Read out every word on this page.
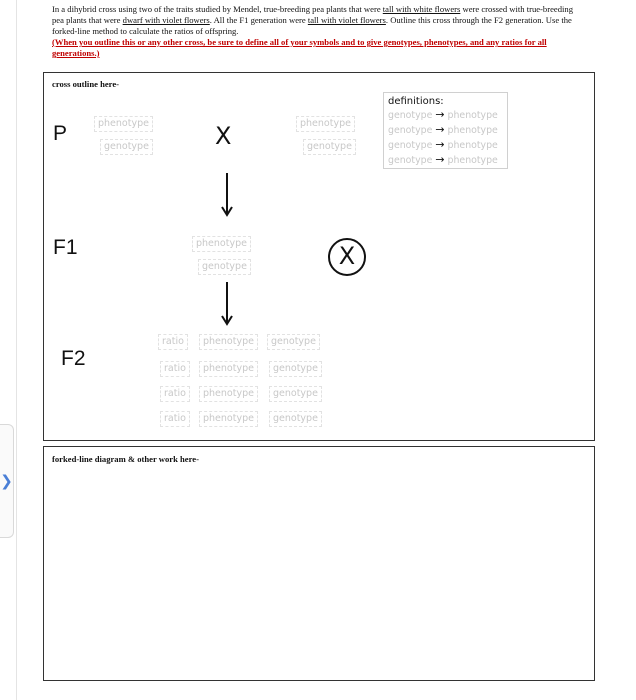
❯
In a dihybrid cross using two of the traits studied by Mendel, true-breeding pea plants that were tall with white flowers were crossed with true-breeding pea plants that were dwarf with violet flowers. All the F1 generation were tall with violet flowers. Outline this cross through the F2 generation. Use the forked-line method to calculate the ratios of offspring.
(When you outline this or any other cross, be sure to define all of your symbols and to give genotypes, phenotypes, and any ratios for all generations.)
cross outline here-
P	phenotype
genotype	X	phenotype
genotype
definitions:
genotype → phenotype
genotype → phenotype
genotype → phenotype
genotype → phenotype
F1	phenotype
genotype	X
F2
ratio	phenotype	genotype
ratio	phenotype	genotype
ratio	phenotype	genotype
ratio	phenotype	genotype
forked-line diagram & other work here-
